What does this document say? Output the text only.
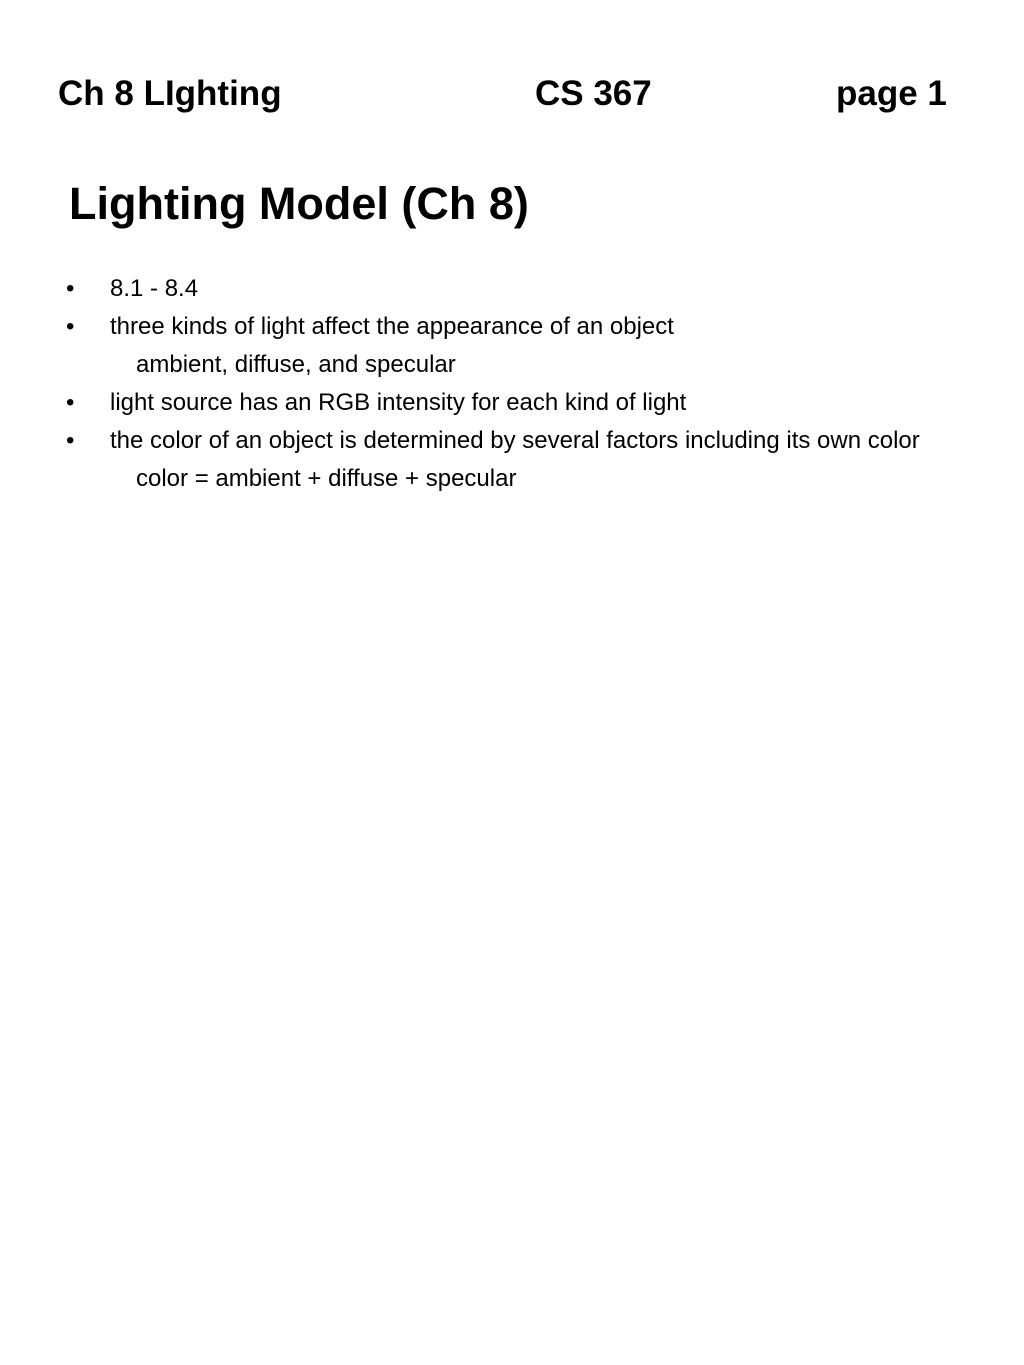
Ch 8 LIghting	CS 367	page 1
Lighting Model (Ch 8)
•	8.1 - 8.4
•	three kinds of light affect the appearance of an object
ambient, diffuse, and specular
•	light source has an RGB intensity for each kind of light
•	the color of an object is determined by several factors including its own color
color = ambient + diffuse + specular
